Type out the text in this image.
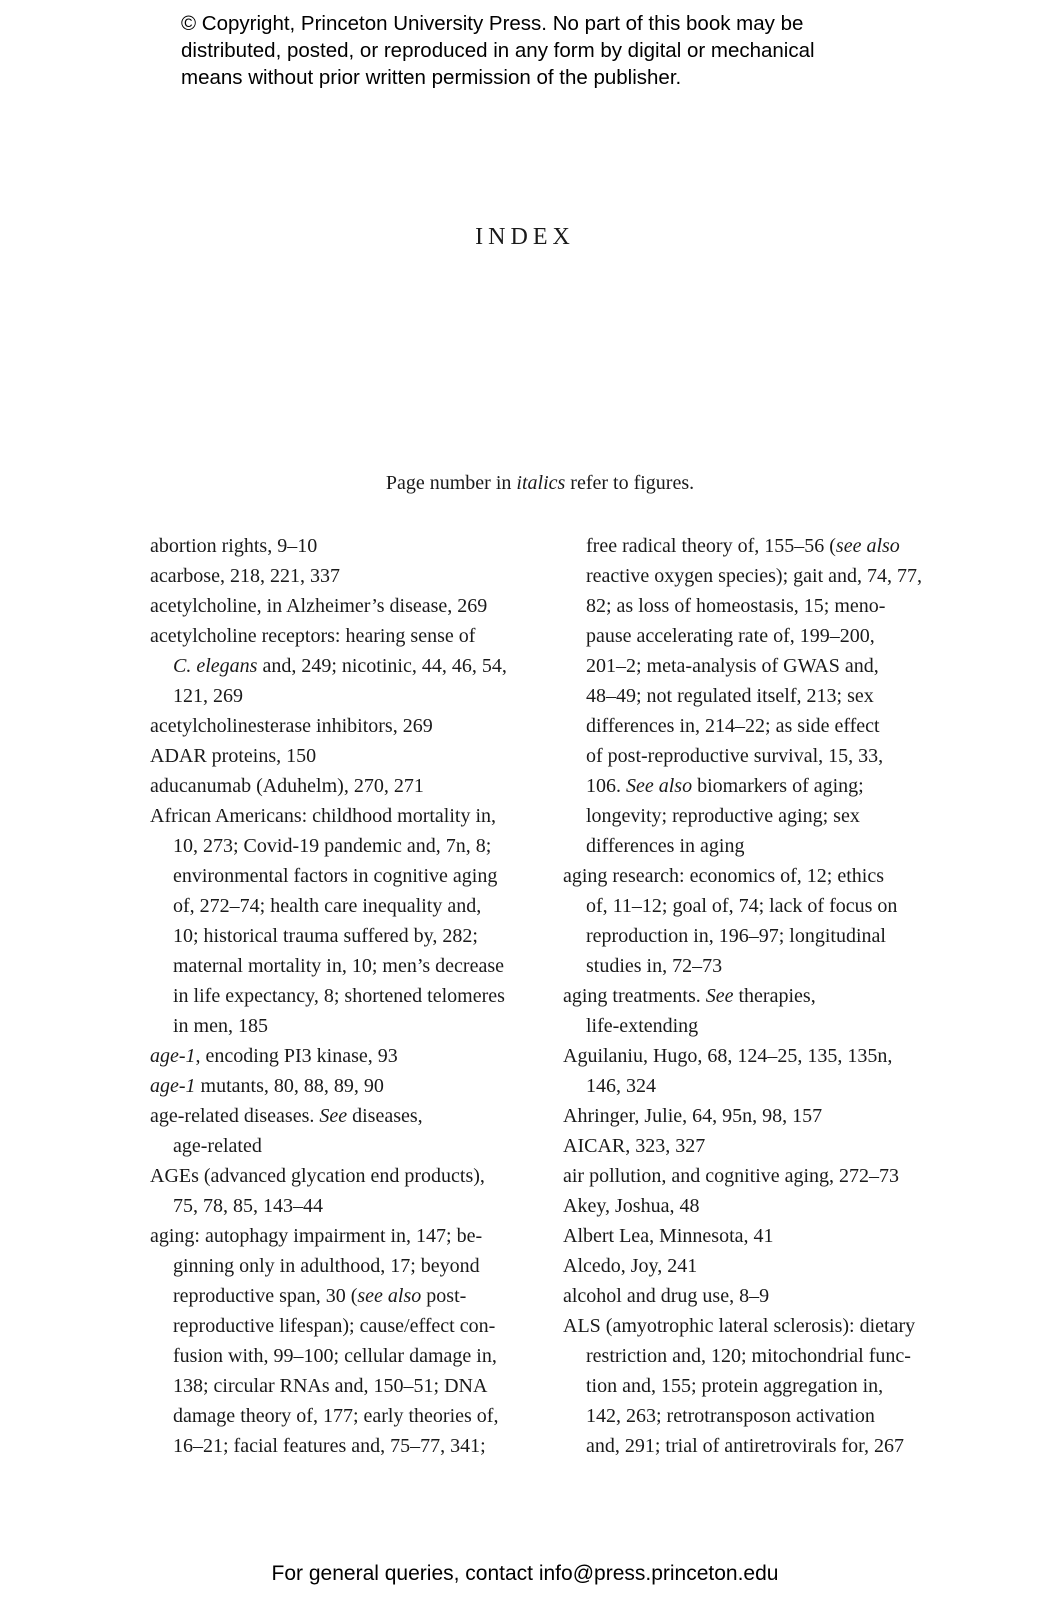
© Copyright, Princeton University Press. No part of this book may be
distributed, posted, or reproduced in any form by digital or mechanical
means without prior written permission of the publisher.
INDEX
Page number in italics refer to figures.
abortion rights, 9–10
acarbose, 218, 221, 337
acetylcholine, in Alzheimer’s disease, 269
acetylcholine receptors: hearing sense of
C. elegans and, 249; nicotinic, 44, 46, 54,
121, 269
acetylcholinesterase inhibitors, 269
ADAR proteins, 150
aducanumab (Aduhelm), 270, 271
African Americans: childhood mortality in,
10, 273; Covid-19 pandemic and, 7n, 8;
environmental factors in cognitive aging
of, 272–74; health care inequality and,
10; historical trauma suffered by, 282;
maternal mortality in, 10; men’s decrease
in life expectancy, 8; shortened telomeres
in men, 185
age-1, encoding PI3 kinase, 93
age-1 mutants, 80, 88, 89, 90
age-related diseases. See diseases,
age-related
AGEs (advanced glycation end products),
75, 78, 85, 143–44
aging: autophagy impairment in, 147; be-
ginning only in adulthood, 17; beyond
reproductive span, 30 (see also post-
reproductive lifespan); cause/effect con-
fusion with, 99–100; cellular damage in,
138; circular RNAs and, 150–51; DNA
damage theory of, 177; early theories of,
16–21; facial features and, 75–77, 341;
free radical theory of, 155–56 (see also
reactive oxygen species); gait and, 74, 77,
82; as loss of homeostasis, 15; meno-
pause accelerating rate of, 199–200,
201–2; meta-analysis of GWAS and,
48–49; not regulated itself, 213; sex
differences in, 214–22; as side effect
of post-reproductive survival, 15, 33,
106. See also biomarkers of aging;
longevity; reproductive aging; sex
differences in aging
aging research: economics of, 12; ethics
of, 11–12; goal of, 74; lack of focus on
reproduction in, 196–97; longitudinal
studies in, 72–73
aging treatments. See therapies,
life-extending
Aguilaniu, Hugo, 68, 124–25, 135, 135n,
146, 324
Ahringer, Julie, 64, 95n, 98, 157
AICAR, 323, 327
air pollution, and cognitive aging, 272–73
Akey, Joshua, 48
Albert Lea, Minnesota, 41
Alcedo, Joy, 241
alcohol and drug use, 8–9
ALS (amyotrophic lateral sclerosis): dietary
restriction and, 120; mitochondrial func-
tion and, 155; protein aggregation in,
142, 263; retrotransposon activation
and, 291; trial of antiretrovirals for, 267
For general queries, contact info@press.princeton.edu
